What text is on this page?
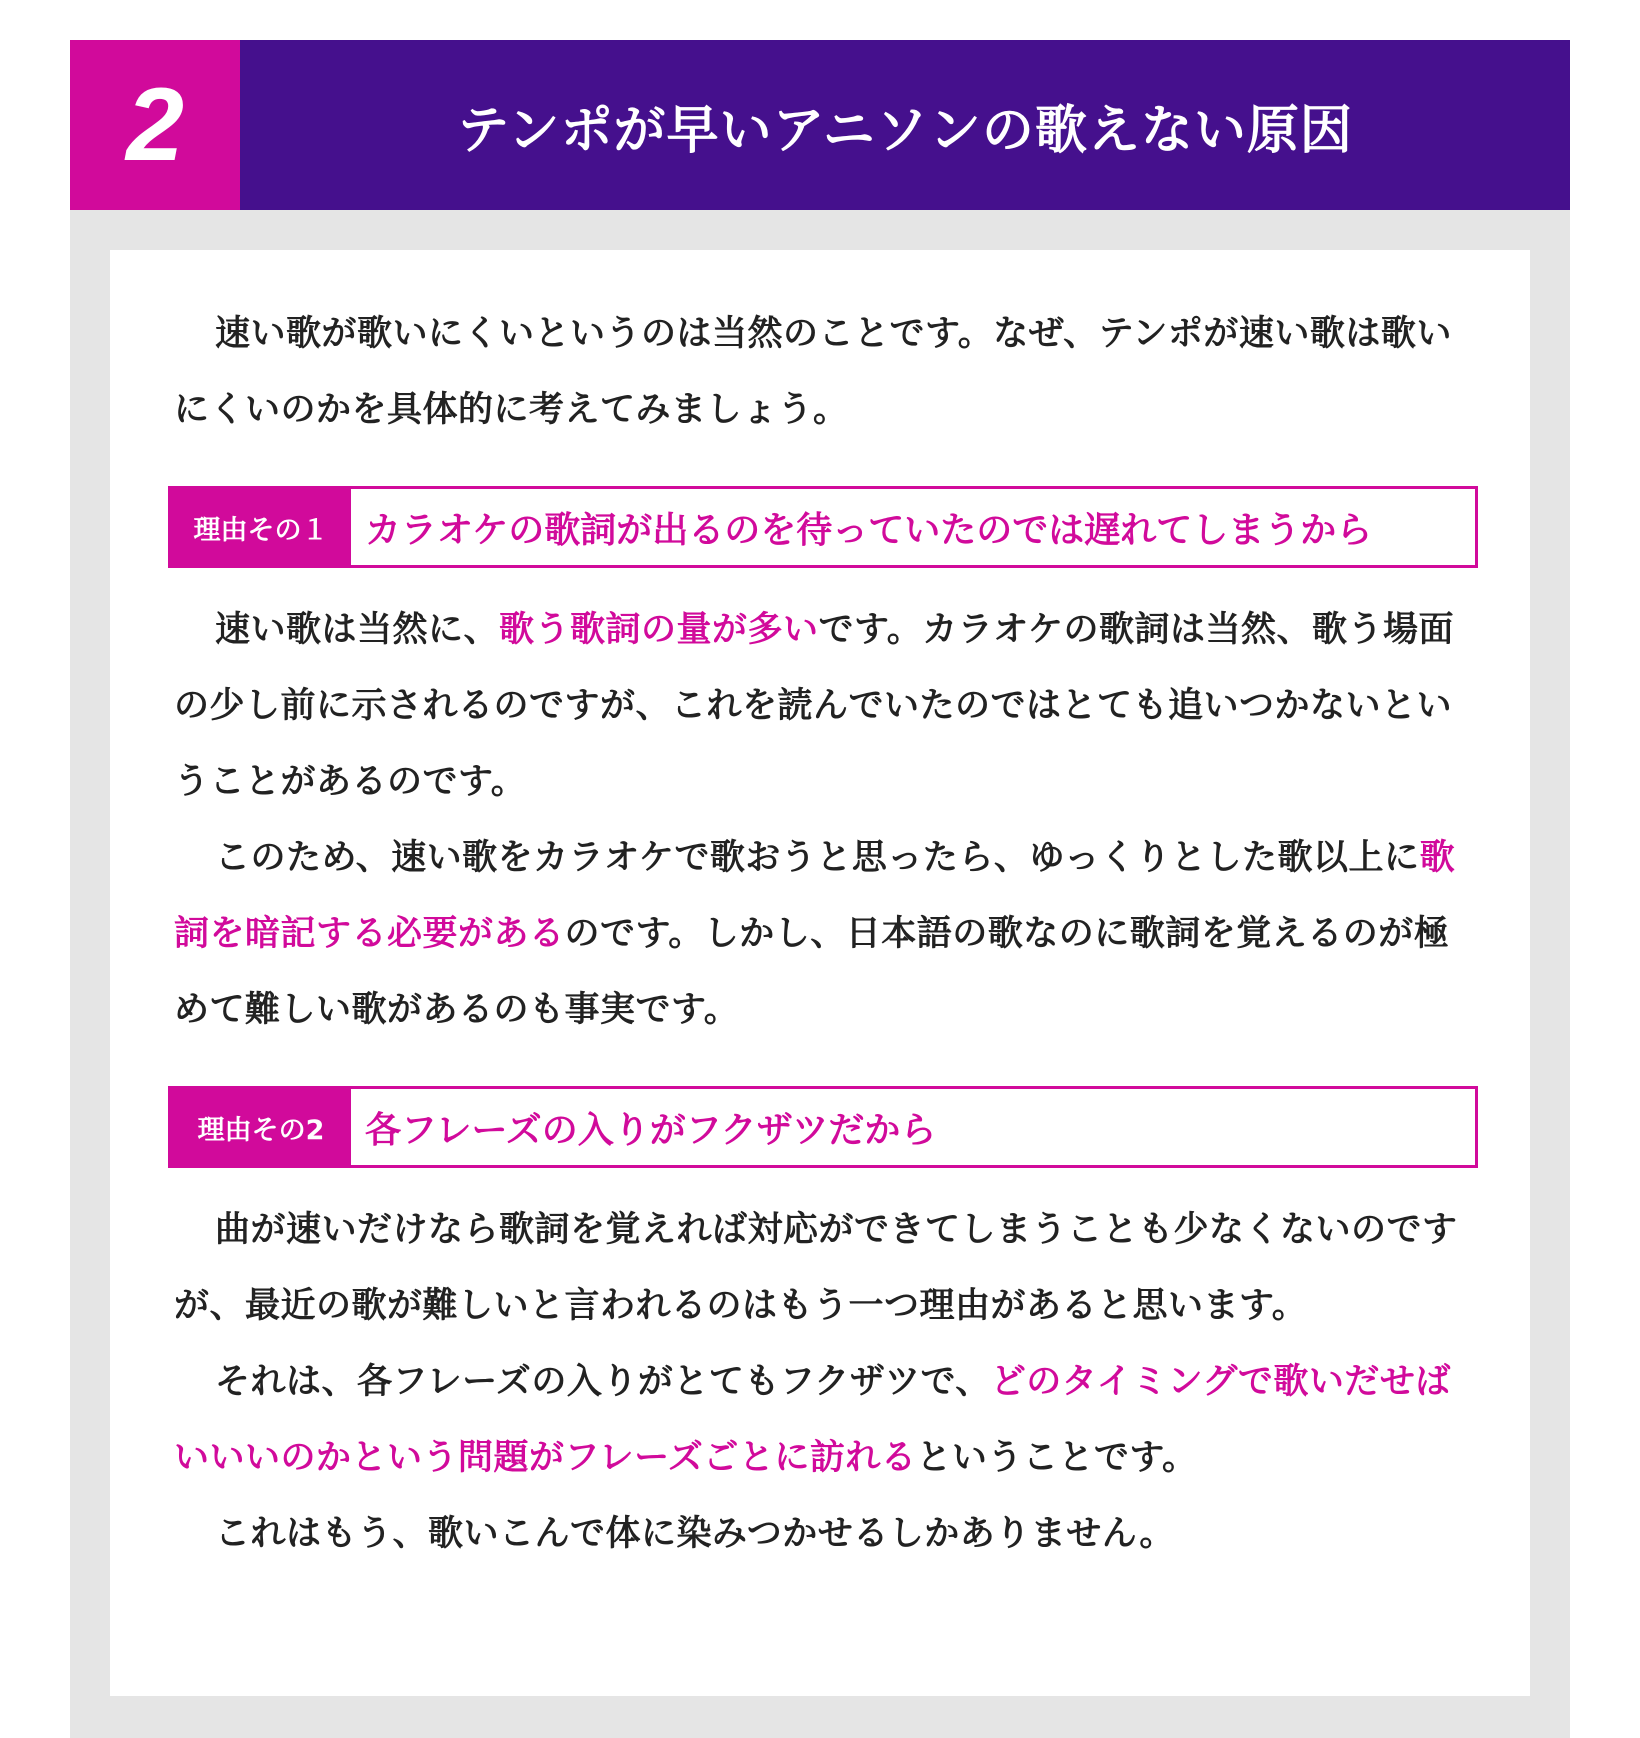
2	テンポが早いアニソンの歌えない原因

速い歌が歌いにくいというのは当然のことです。なぜ、テンポが速い歌は歌いにくいのかを具体的に考えてみましょう。

理由その１	カラオケの歌詞が出るのを待っていたのでは遅れてしまうから

速い歌は当然に、歌う歌詞の量が多いです。カラオケの歌詞は当然、歌う場面の少し前に示されるのですが、これを読んでいたのではとても追いつかないということがあるのです。

このため、速い歌をカラオケで歌おうと思ったら、ゆっくりとした歌以上に歌詞を暗記する必要があるのです。しかし、日本語の歌なのに歌詞を覚えるのが極めて難しい歌があるのも事実です。

理由その2	各フレーズの入りがフクザツだから

曲が速いだけなら歌詞を覚えれば対応ができてしまうことも少なくないのですが、最近の歌が難しいと言われるのはもう一つ理由があると思います。

それは、各フレーズの入りがとてもフクザツで、どのタイミングで歌いだせばいいいのかという問題がフレーズごとに訪れるということです。

これはもう、歌いこんで体に染みつかせるしかありません。
